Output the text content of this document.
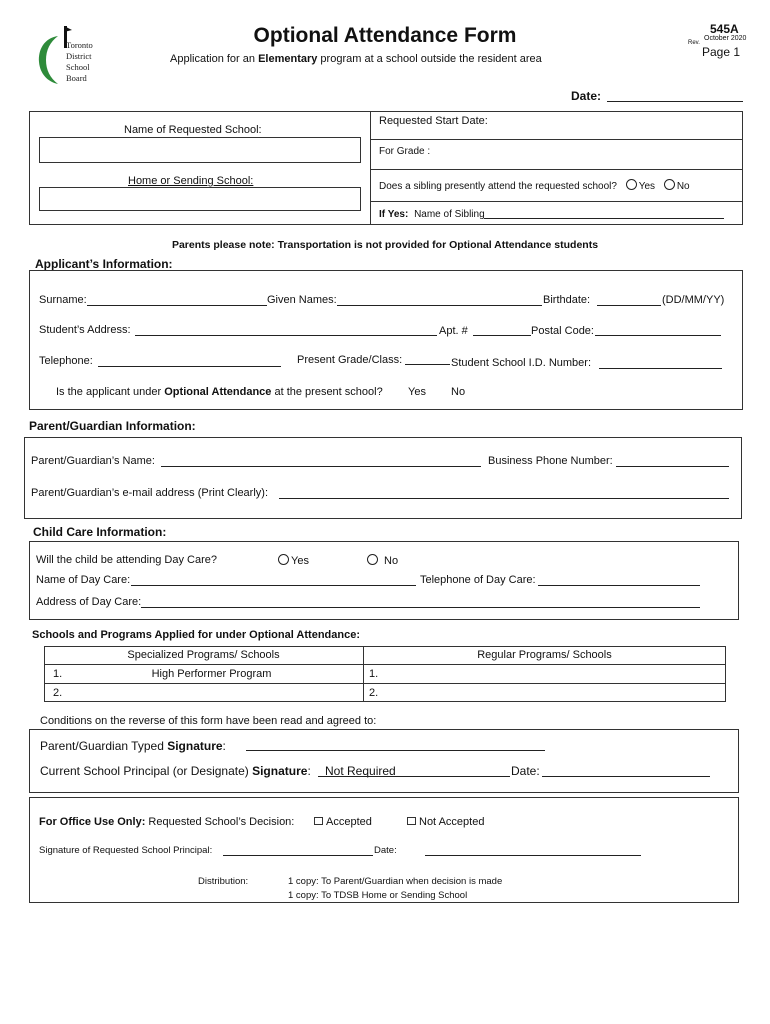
Toronto
District
School
Board
Optional Attendance Form
Application for an Elementary program at a school outside the resident area
545A
Rev.
October 2020
Page 1
Date:
Name of Requested School:
Home or Sending School:
Requested Start Date:
For Grade :
Does a sibling presently attend the requested school? Yes No
If Yes: Name of Sibling
Parents please note: Transportation is not provided for Optional Attendance students
Applicant’s Information:
Surname:	Given Names:	Birthdate:	(DD/MM/YY)
Student’s Address:	Apt. #	Postal Code:
Telephone:	Present Grade/Class:	Student School I.D. Number:
Is the applicant under Optional Attendance at the present school? Yes No
Parent/Guardian Information:
Parent/Guardian’s Name:	Business Phone Number:
Parent/Guardian’s e-mail address (Print Clearly):
Child Care Information:
Will the child be attending Day Care?	Yes	No
Name of Day Care:	Telephone of Day Care:
Address of Day Care:
Schools and Programs Applied for under Optional Attendance:
Specialized Programs/ Schools	Regular Programs/ Schools
1.	High Performer Program	1.
2.	2.
Conditions on the reverse of this form have been read and agreed to:
Parent/Guardian Typed Signature:
Current School Principal (or Designate) Signature: Not Required	Date:
For Office Use Only: Requested School’s Decision:	Accepted	Not Accepted
Signature of Requested School Principal:	Date:
Distribution:	1 copy: To Parent/Guardian when decision is made
1 copy: To TDSB Home or Sending School
